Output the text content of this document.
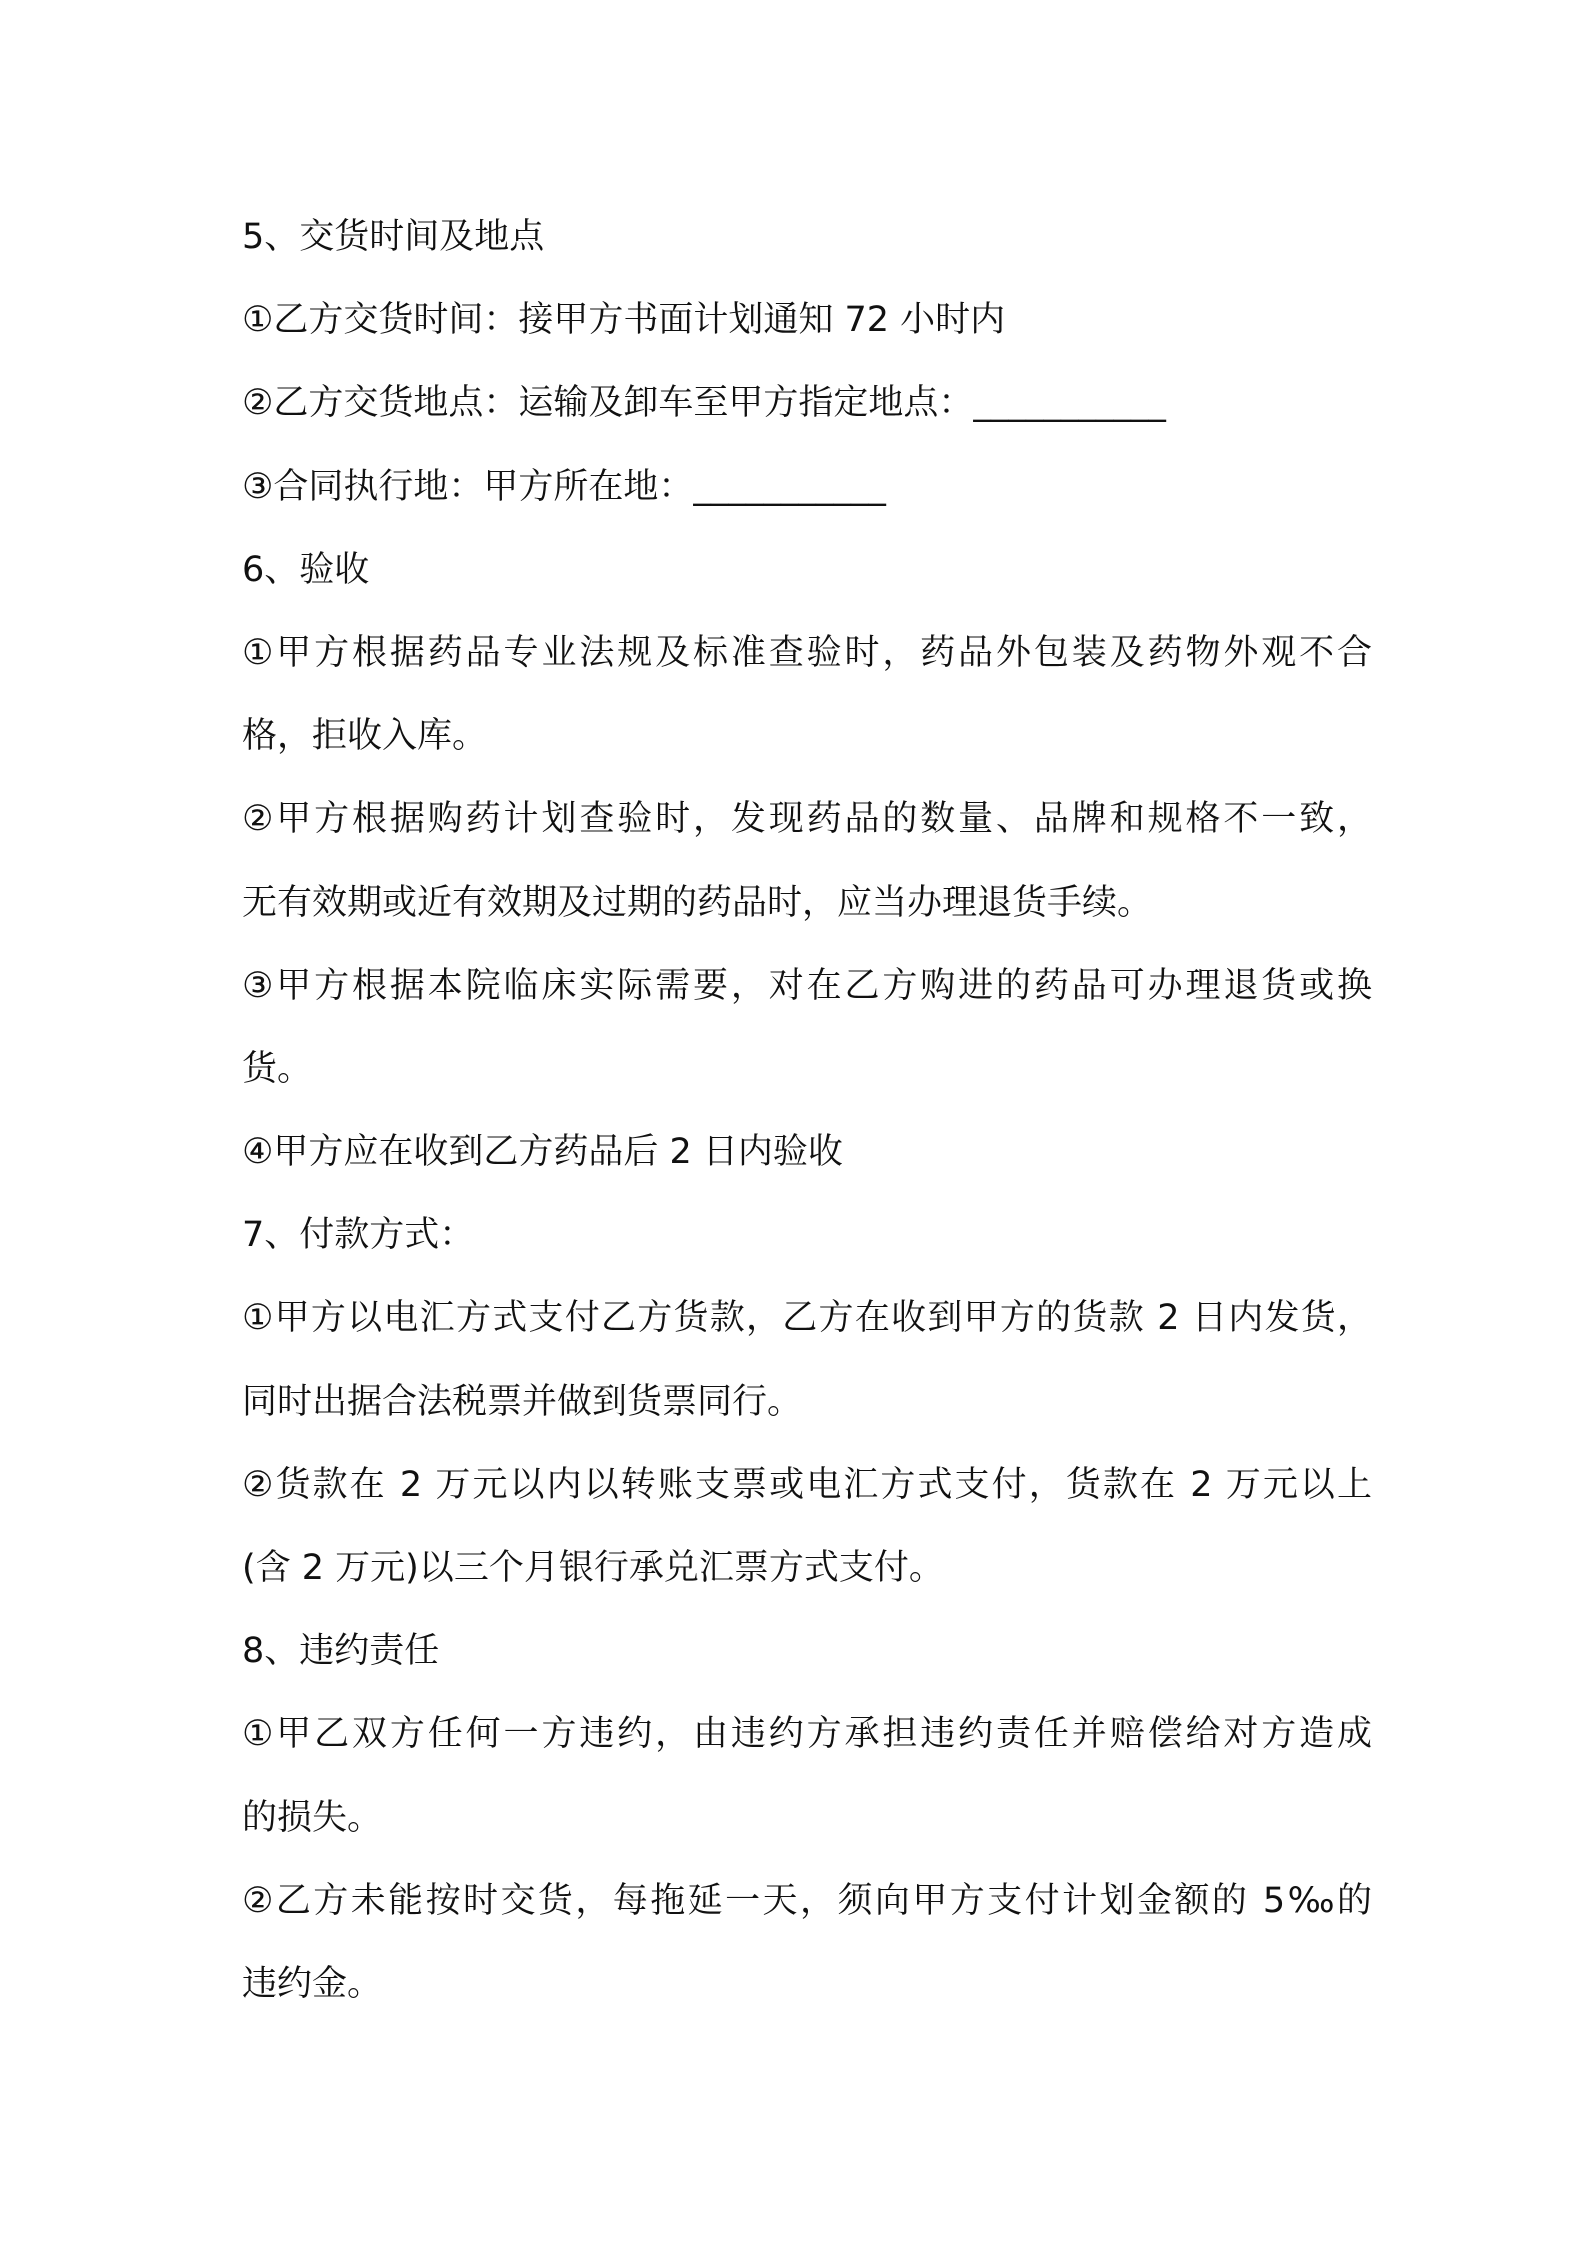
5、交货时间及地点
①乙方交货时间：接甲方书面计划通知 72 小时内
②乙方交货地点：运输及卸车至甲方指定地点：___________
③合同执行地：甲方所在地：___________
6、验收
①甲方根据药品专业法规及标准查验时，药品外包装及药物外观不合
格，拒收入库。
②甲方根据购药计划查验时，发现药品的数量、品牌和规格不一致，
无有效期或近有效期及过期的药品时，应当办理退货手续。
③甲方根据本院临床实际需要，对在乙方购进的药品可办理退货或换
货。
④甲方应在收到乙方药品后 2 日内验收
7、付款方式：
①甲方以电汇方式支付乙方货款，乙方在收到甲方的货款 2 日内发货，
同时出据合法税票并做到货票同行。
②货款在 2 万元以内以转账支票或电汇方式支付，货款在 2 万元以上
(含 2 万元)以三个月银行承兑汇票方式支付。
8、违约责任
①甲乙双方任何一方违约，由违约方承担违约责任并赔偿给对方造成
的损失。
②乙方未能按时交货，每拖延一天，须向甲方支付计划金额的 5‰的
违约金。
